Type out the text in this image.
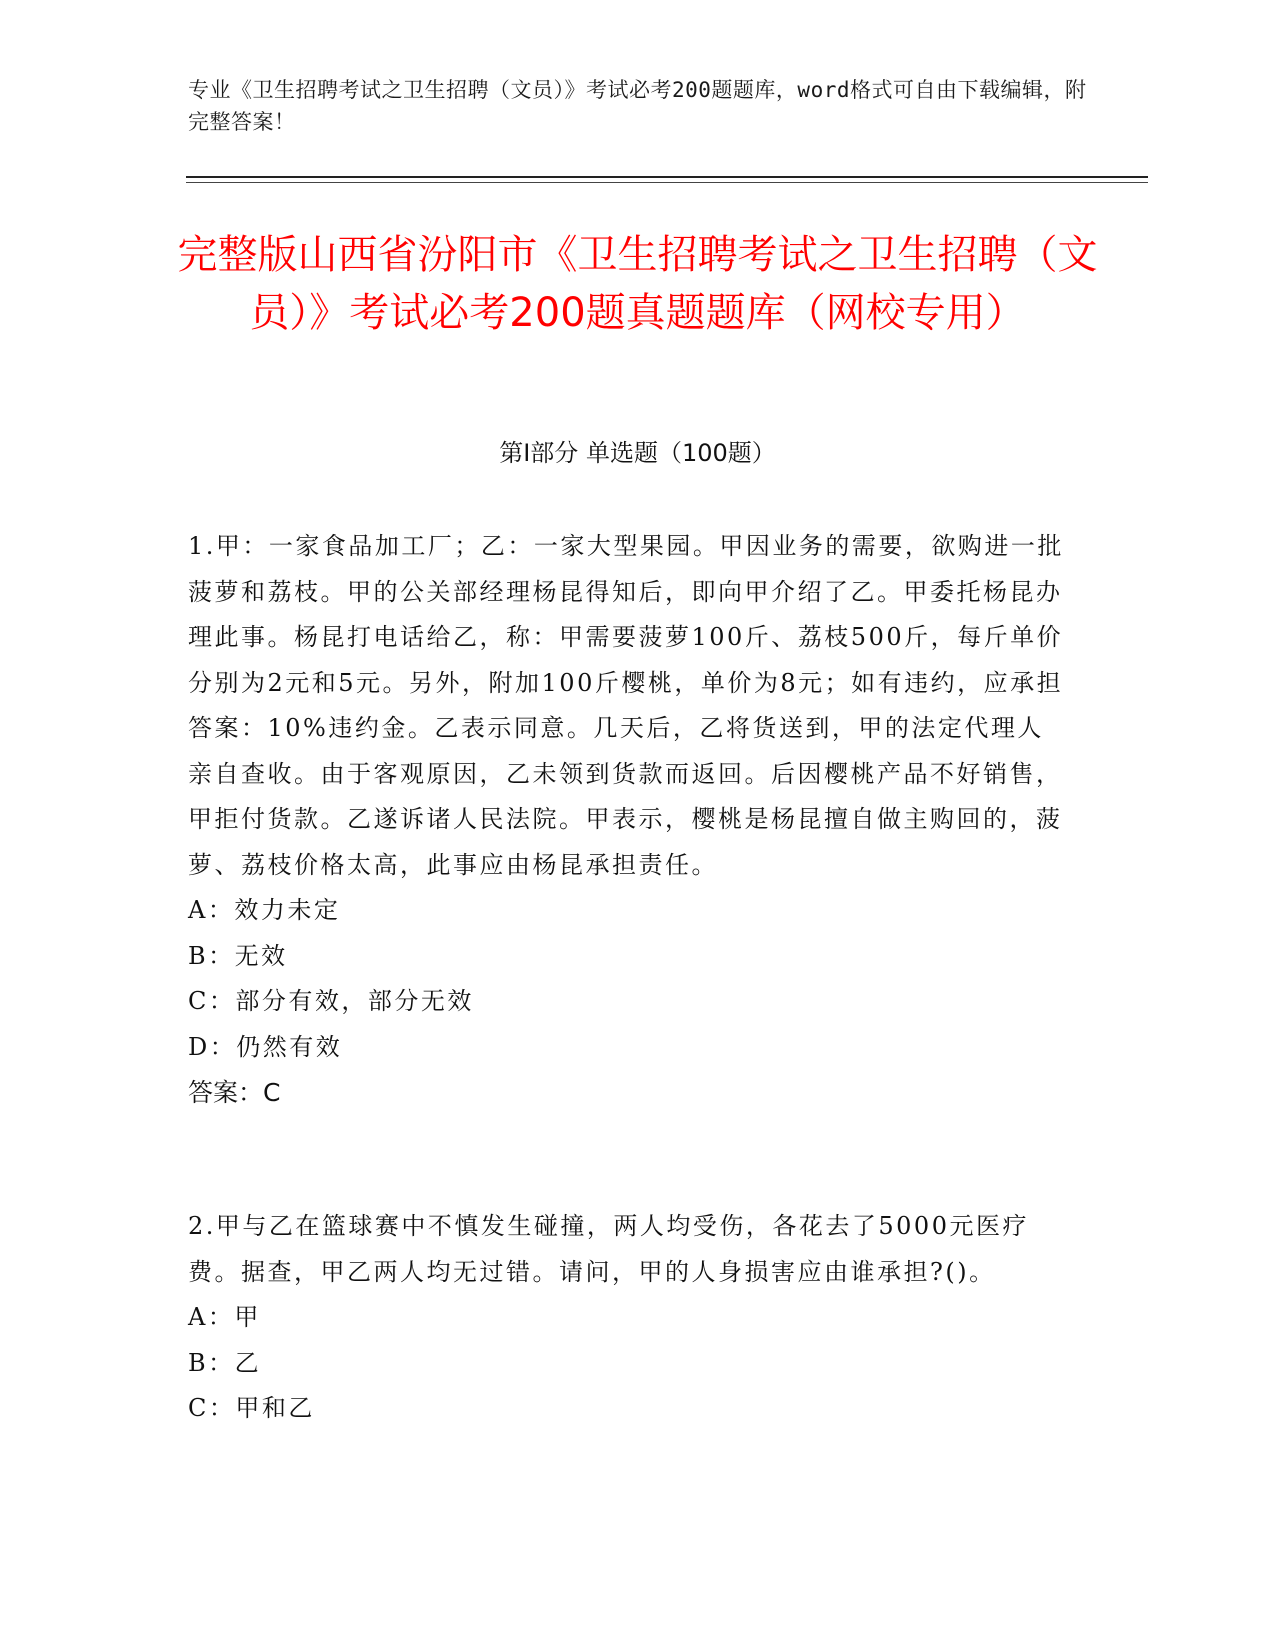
专业《卫生招聘考试之卫生招聘（文员）》考试必考200题题库，word格式可自由下载编辑，附完整答案！
完整版山西省汾阳市《卫生招聘考试之卫生招聘（文员）》考试必考200题真题题库（网校专用）
第I部分 单选题（100题）

1.甲：一家食品加工厂；乙：一家大型果园。甲因业务的需要，欲购进一批菠萝和荔枝。甲的公关部经理杨昆得知后，即向甲介绍了乙。甲委托杨昆办理此事。杨昆打电话给乙，称：甲需要菠萝100斤、荔枝500斤，每斤单价分别为2元和5元。另外，附加100斤樱桃，单价为8元；如有违约，应承担答案：10%违约金。乙表示同意。几天后，乙将货送到，甲的法定代理人亲自查收。由于客观原因，乙未领到货款而返回。后因樱桃产品不好销售，甲拒付货款。乙遂诉诸人民法院。甲表示，樱桃是杨昆擅自做主购回的，菠萝、荔枝价格太高，此事应由杨昆承担责任。

A：效力未定

B：无效

C：部分有效，部分无效

D：仍然有效

答案：C

2.甲与乙在篮球赛中不慎发生碰撞，两人均受伤，各花去了5000元医疗费。据查，甲乙两人均无过错。请问，甲的人身损害应由谁承担?()。

A：甲

B：乙

C：甲和乙
